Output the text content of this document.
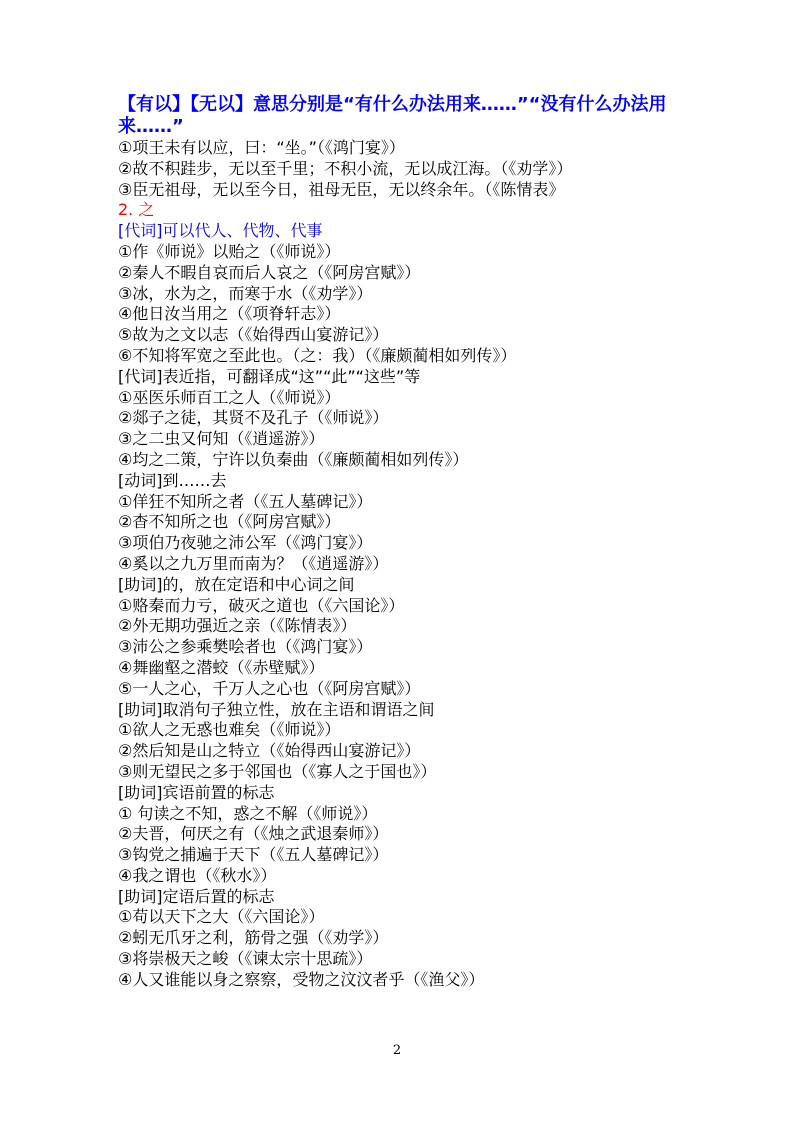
【有以】【无以】意思分别是“有什么办法用来……”“没有什么办法用
来……”
①项王未有以应，曰：“坐。”（《鸿门宴》）
②故不积跬步，无以至千里；不积小流，无以成江海。（《劝学》）
③臣无祖母，无以至今日，祖母无臣，无以终余年。（《陈情表》
2. 之
[代词]可以代人、代物、代事
①作《师说》以贻之（《师说》）
②秦人不暇自哀而后人哀之（《阿房宫赋》）
③冰，水为之，而寒于水（《劝学》）
④他日汝当用之（《项脊轩志》）
⑤故为之文以志（《始得西山宴游记》）
⑥不知将军宽之至此也。（之：我）（《廉颇蔺相如列传》）
[代词]表近指，可翻译成“这”“此”“这些”等
①巫医乐师百工之人（《师说》）
②郯子之徒，其贤不及孔子（《师说》）
③之二虫又何知（《逍遥游》）
④均之二策，宁许以负秦曲（《廉颇蔺相如列传》）
[动词]到……去
①佯狂不知所之者（《五人墓碑记》）
②杳不知所之也（《阿房宫赋》）
③项伯乃夜驰之沛公军（《鸿门宴》）
④奚以之九万里而南为？（《逍遥游》）
[助词]的，放在定语和中心词之间
①赂秦而力亏，破灭之道也（《六国论》）
②外无期功强近之亲（《陈情表》）
③沛公之参乘樊哙者也（《鸿门宴》）
④舞幽壑之潜蛟（《赤壁赋》）
⑤一人之心，千万人之心也（《阿房宫赋》）
[助词]取消句子独立性，放在主语和谓语之间
①欲人之无惑也难矣（《师说》）
②然后知是山之特立（《始得西山宴游记》）
③则无望民之多于邻国也（《寡人之于国也》）
[助词]宾语前置的标志
① 句读之不知，惑之不解（《师说》）
②夫晋，何厌之有（《烛之武退秦师》）
③钩党之捕遍于天下（《五人墓碑记》）
④我之谓也（《秋水》）
[助词]定语后置的标志
①苟以天下之大（《六国论》）
②蚓无爪牙之利，筋骨之强（《劝学》）
③将崇极天之峻（《谏太宗十思疏》）
④人又谁能以身之察察，受物之汶汶者乎（《渔父》）
2
